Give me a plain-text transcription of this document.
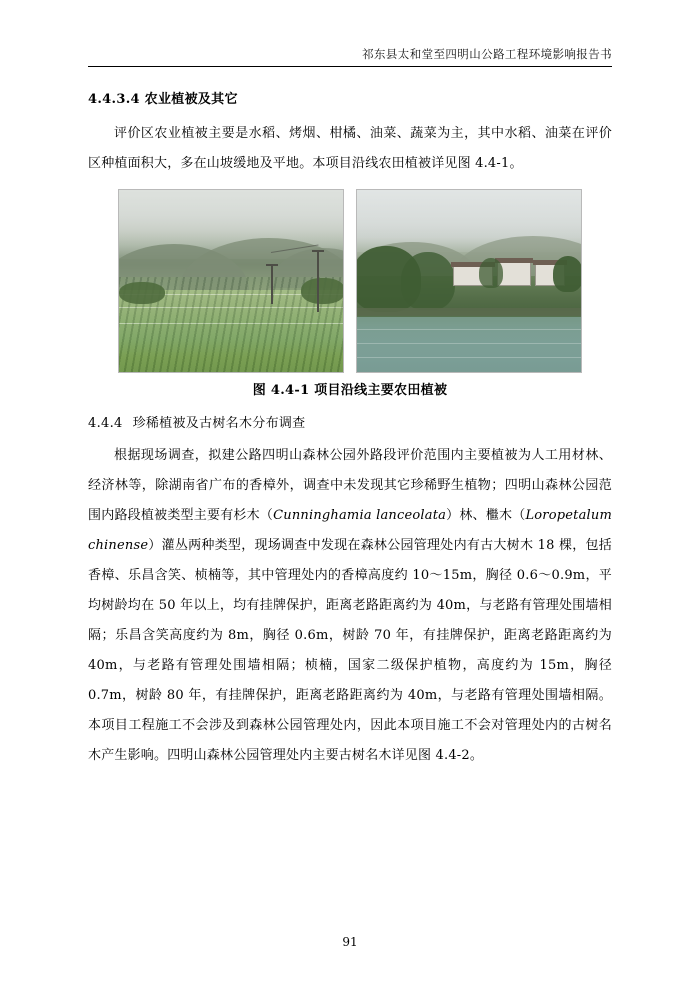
祁东县太和堂至四明山公路工程环境影响报告书
4.4.3.4 农业植被及其它

评价区农业植被主要是水稻、烤烟、柑橘、油菜、蔬菜为主，其中水稻、油菜在评价区种植面积大，多在山坡缓地及平地。本项目沿线农田植被详见图 4.4-1。

图 4.4-1 项目沿线主要农田植被
4.4.4 珍稀植被及古树名木分布调查

根据现场调查，拟建公路四明山森林公园外路段评价范围内主要植被为人工用材林、经济林等，除湖南省广布的香樟外，调查中未发现其它珍稀野生植物；四明山森林公园范围内路段植被类型主要有杉木（Cunninghamia lanceolata）林、檵木（Loropetalum chinense）灌丛两种类型，现场调查中发现在森林公园管理处内有古大树木 18 棵，包括香樟、乐昌含笑、桢楠等，其中管理处内的香樟高度约 10～15m，胸径 0.6～0.9m，平均树龄均在 50 年以上，均有挂牌保护，距离老路距离约为 40m，与老路有管理处围墙相隔；乐昌含笑高度约为 8m，胸径 0.6m，树龄 70 年，有挂牌保护，距离老路距离约为 40m，与老路有管理处围墙相隔；桢楠，国家二级保护植物，高度约为 15m，胸径 0.7m，树龄 80 年，有挂牌保护，距离老路距离约为 40m，与老路有管理处围墙相隔。本项目工程施工不会涉及到森林公园管理处内，因此本项目施工不会对管理处内的古树名木产生影响。四明山森林公园管理处内主要古树名木详见图 4.4-2。

91
